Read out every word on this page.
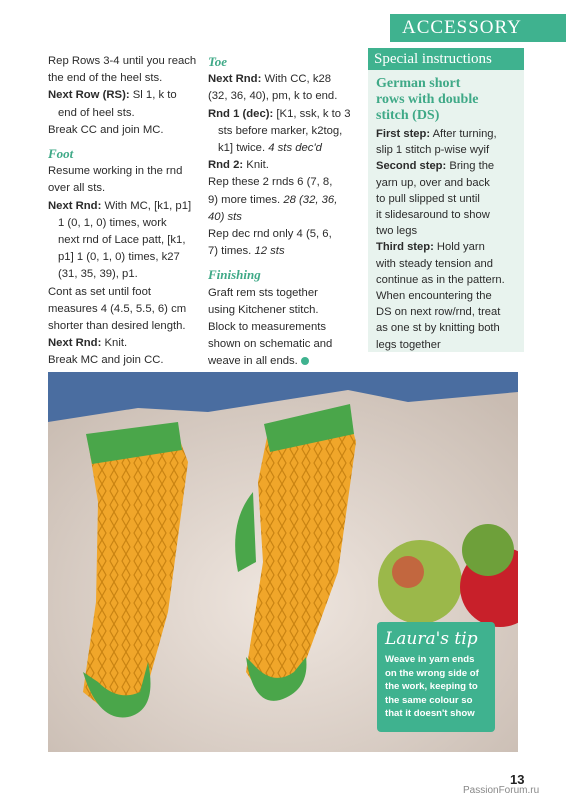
ACCESSORY

Rep Rows 3-4 until you reach

the end of the heel sts.

Next Row (RS): Sl 1, k to

end of heel sts.

Break CC and join MC.

Foot

Resume working in the rnd

over all sts.

Next Rnd: With MC, [k1, p1]

1 (0, 1, 0) times, work

next rnd of Lace patt, [k1,

p1] 1 (0, 1, 0) times, k27

(31, 35, 39), p1.

Cont as set until foot

measures 4 (4.5, 5.5, 6) cm

shorter than desired length.

Next Rnd: Knit.

Break MC and join CC.

Toe

Next Rnd: With CC, k28

(32, 36, 40), pm, k to end.

Rnd 1 (dec): [K1, ssk, k to 3

sts before marker, k2tog,

k1] twice. 4 sts dec'd

Rnd 2: Knit.

Rep these 2 rnds 6 (7, 8,

9) more times. 28 (32, 36,

40) sts

Rep dec rnd only 4 (5, 6,

7) times. 12 sts

Finishing

Graft rem sts together

using Kitchener stitch.

Block to measurements

shown on schematic and

weave in all ends.

Special instructions
German short
rows with double
stitch (DS)

First step: After turning,

slip 1 stitch p-wise wyif

Second step: Bring the

yarn up, over and back

to pull slipped st until

it slidesaround to show

two legs

Third step: Hold yarn

with steady tension and

continue as in the pattern.

When encountering the

DS on next row/rnd, treat

as one st by knitting both

legs together

Laura's tip
Weave in yarn ends
on the wrong side of
the work, keeping to
the same colour so
that it doesn't show
13
PassionForum.ru
